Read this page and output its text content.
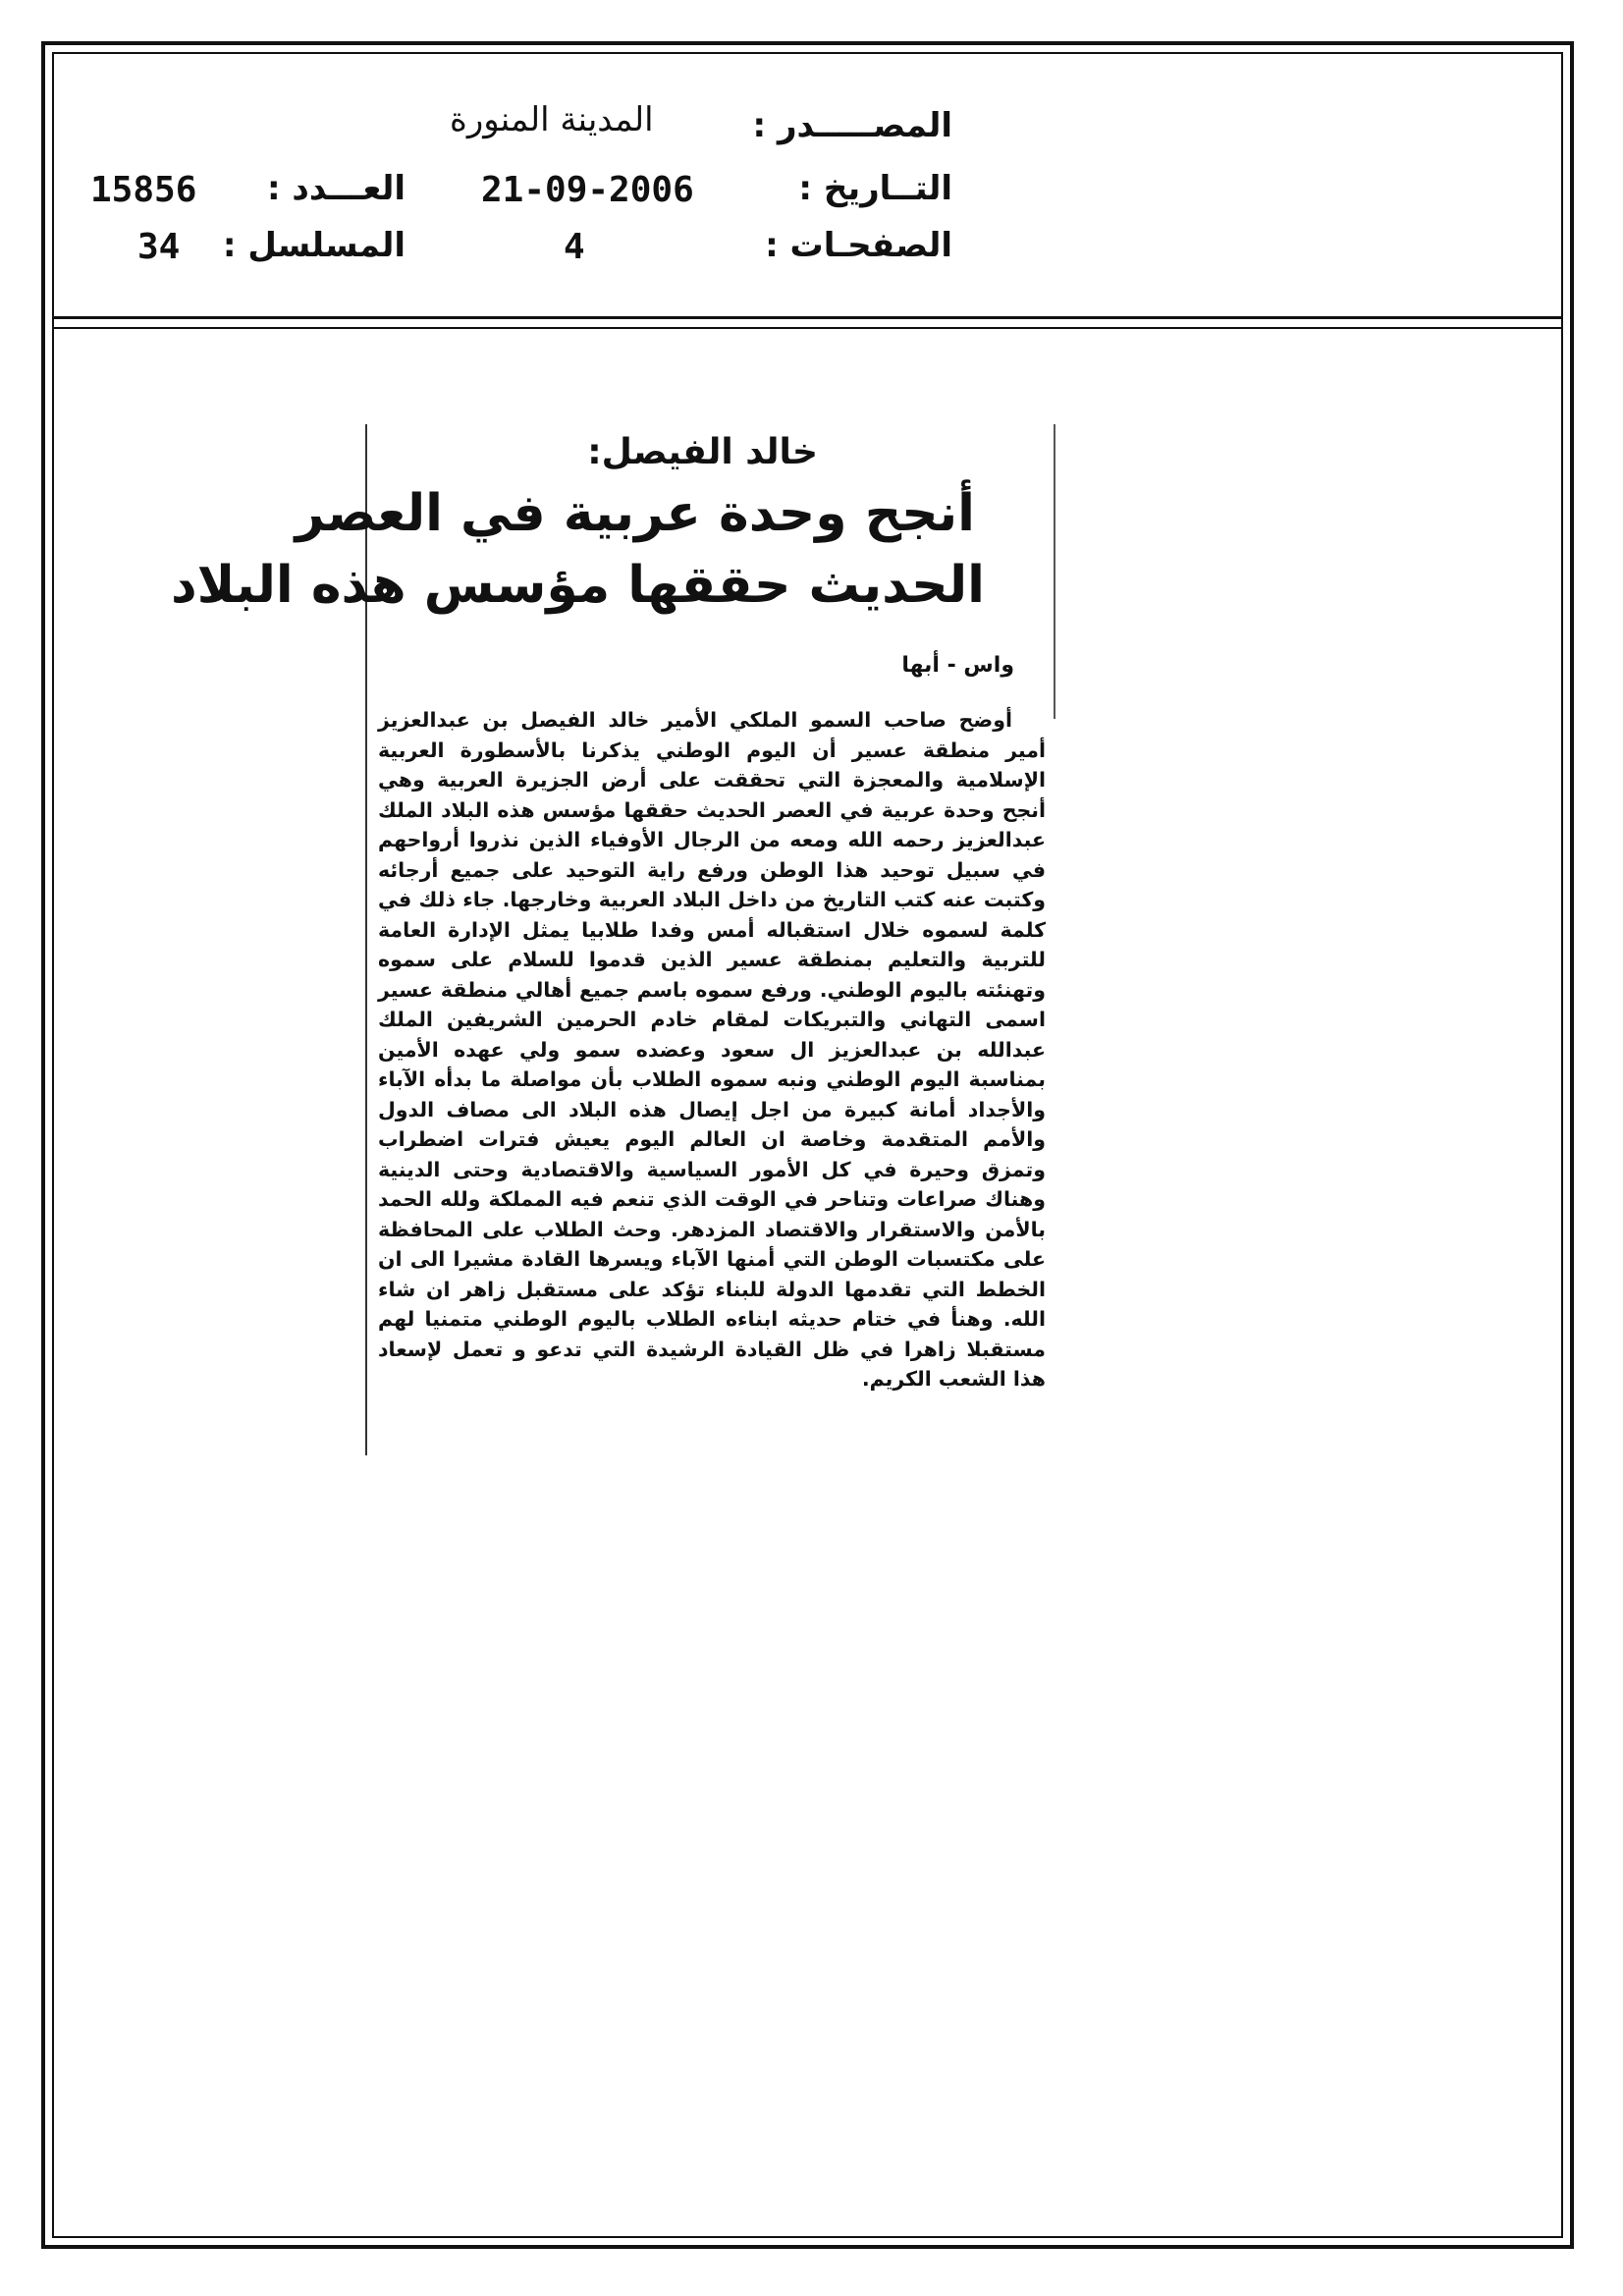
المصـــــدر :
التــاريخ :
الصفحـات :
المدينة المنورة
21-09-2006
4
العـــدد :
المسلسل :
15856
34
خالد الفيصل:
أنجح وحدة عربية في العصر
الحديث حققها مؤسس هذه البلاد
واس - أبها

أوضح صاحب السمو الملكي الأمير خالد الفيصل بن عبدالعزيز أمير منطقة عسير أن اليوم الوطني يذكرنا بالأسطورة العربية الإسلامية والمعجزة التي تحققت على أرض الجزيرة العربية وهي أنجح وحدة عربية في العصر الحديث حققها مؤسس هذه البلاد الملك عبدالعزيز رحمه الله ومعه من الرجال الأوفياء الذين نذروا أرواحهم في سبيل توحيد هذا الوطن ورفع راية التوحيد على جميع أرجائه وكتبت عنه كتب التاريخ من داخل البلاد العربية وخارجها. جاء ذلك في كلمة لسموه خلال استقباله أمس وفدا طلابيا يمثل الإدارة العامة للتربية والتعليم بمنطقة عسير الذين قدموا للسلام على سموه وتهنئته باليوم الوطني. ورفع سموه باسم جميع أهالي منطقة عسير اسمى التهاني والتبريكات لمقام خادم الحرمين الشريفين الملك عبدالله بن عبدالعزيز ال سعود وعضده سمو ولي عهده الأمين بمناسبة اليوم الوطني ونبه سموه الطلاب بأن مواصلة ما بدأه الآباء والأجداد أمانة كبيرة من اجل إيصال هذه البلاد الى مصاف الدول والأمم المتقدمة وخاصة ان العالم اليوم يعيش فترات اضطراب وتمزق وحيرة في كل الأمور السياسية والاقتصادية وحتى الدينية وهناك صراعات وتناحر في الوقت الذي تنعم فيه المملكة ولله الحمد بالأمن والاستقرار والاقتصاد المزدهر. وحث الطلاب على المحافظة على مكتسبات الوطن التي أمنها الآباء ويسرها القادة مشيرا الى ان الخطط التي تقدمها الدولة للبناء تؤكد على مستقبل زاهر ان شاء الله. وهنأ في ختام حديثه ابناءه الطلاب باليوم الوطني متمنيا لهم مستقبلا زاهرا في ظل القيادة الرشيدة التي تدعو و تعمل لإسعاد هذا الشعب الكريم.
